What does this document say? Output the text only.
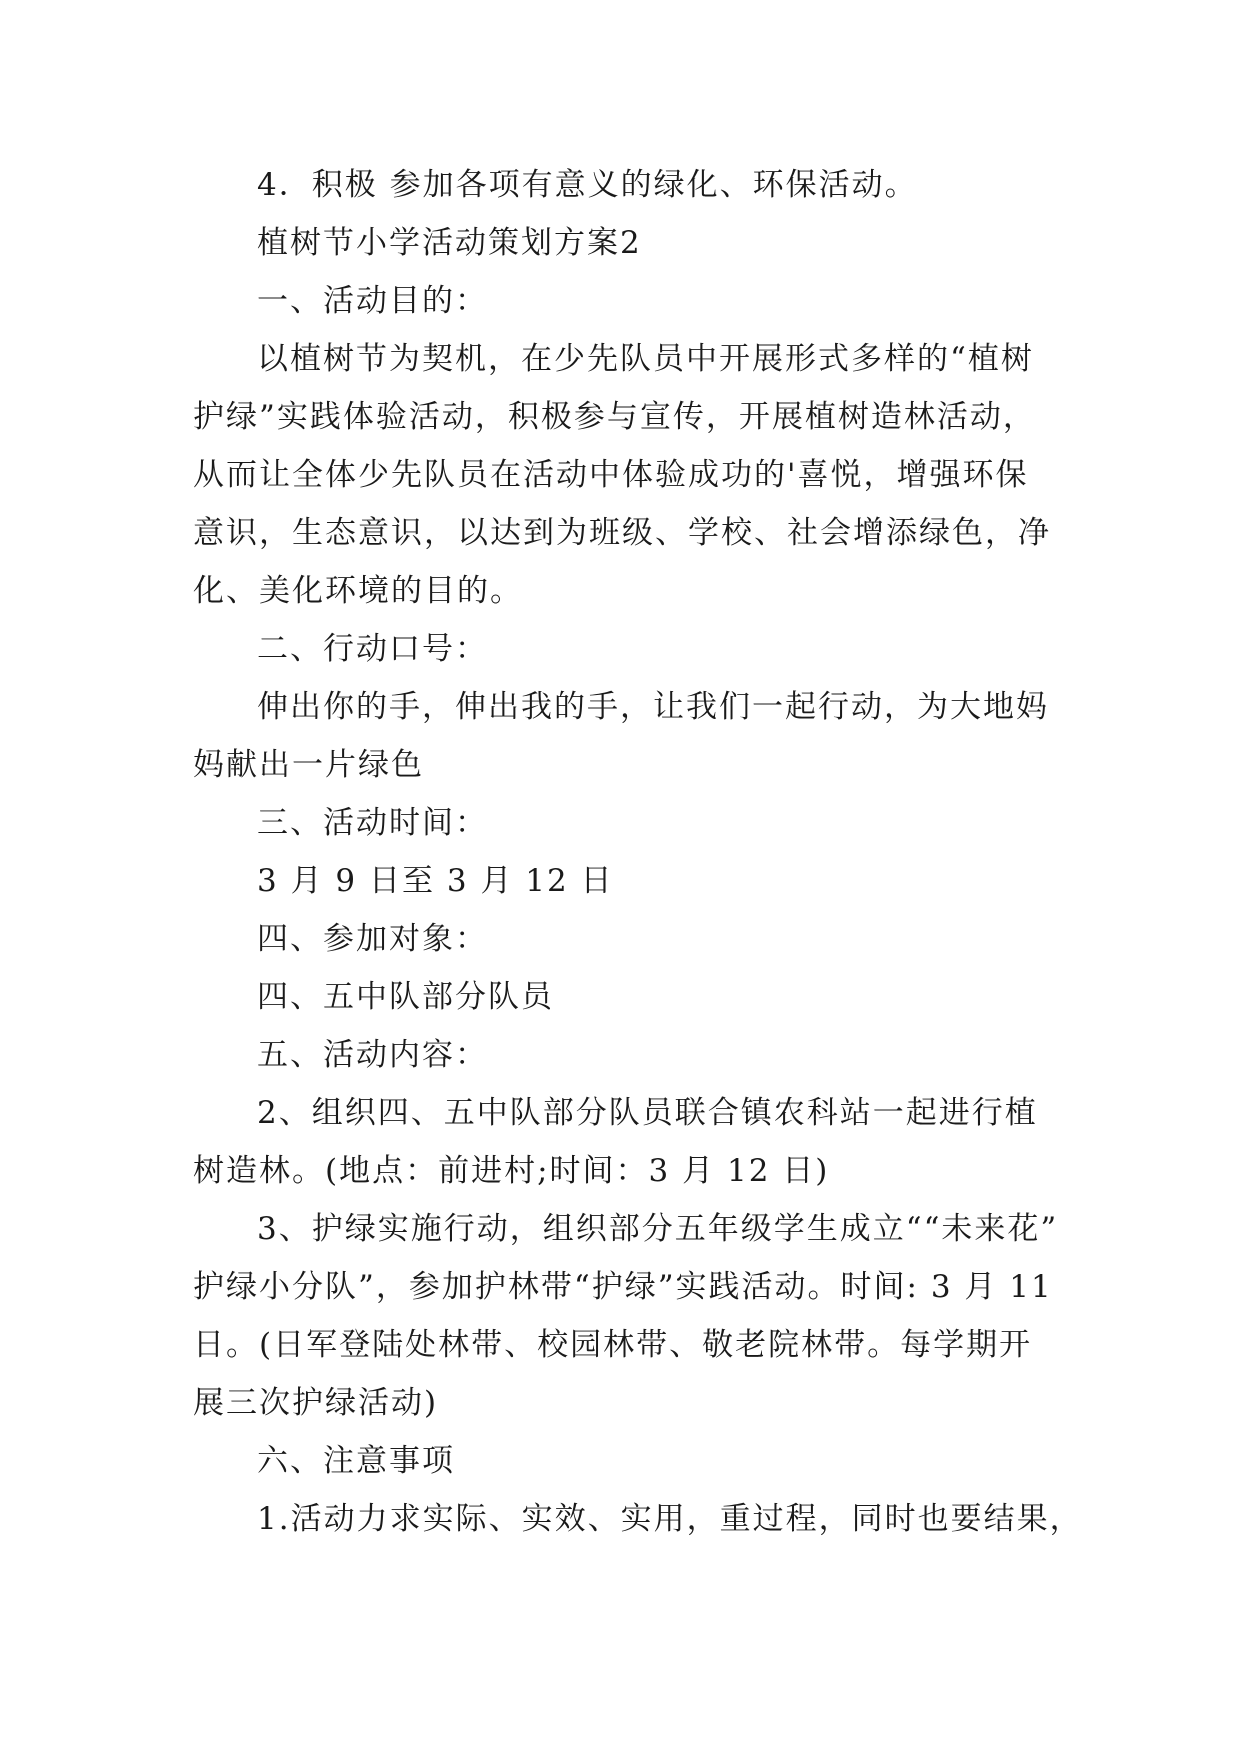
4．积极 参加各项有意义的绿化、环保活动。
植树节小学活动策划方案2
一、活动目的：
以植树节为契机，在少先队员中开展形式多样的“植树
护绿”实践体验活动，积极参与宣传，开展植树造林活动，
从而让全体少先队员在活动中体验成功的'喜悦，增强环保
意识，生态意识，以达到为班级、学校、社会增添绿色，净
化、美化环境的目的。
二、行动口号：
伸出你的手，伸出我的手，让我们一起行动，为大地妈
妈献出一片绿色
三、活动时间：
3 月 9 日至 3 月 12 日
四、参加对象：
四、五中队部分队员
五、活动内容：
2、组织四、五中队部分队员联合镇农科站一起进行植
树造林。(地点：前进村;时间：3 月 12 日)
3、护绿实施行动，组织部分五年级学生成立““未来花”
护绿小分队”，参加护林带“护绿”实践活动。时间: 3 月 11
日。(日军登陆处林带、校园林带、敬老院林带。每学期开
展三次护绿活动)
六、注意事项
1.活动力求实际、实效、实用，重过程，同时也要结果，
